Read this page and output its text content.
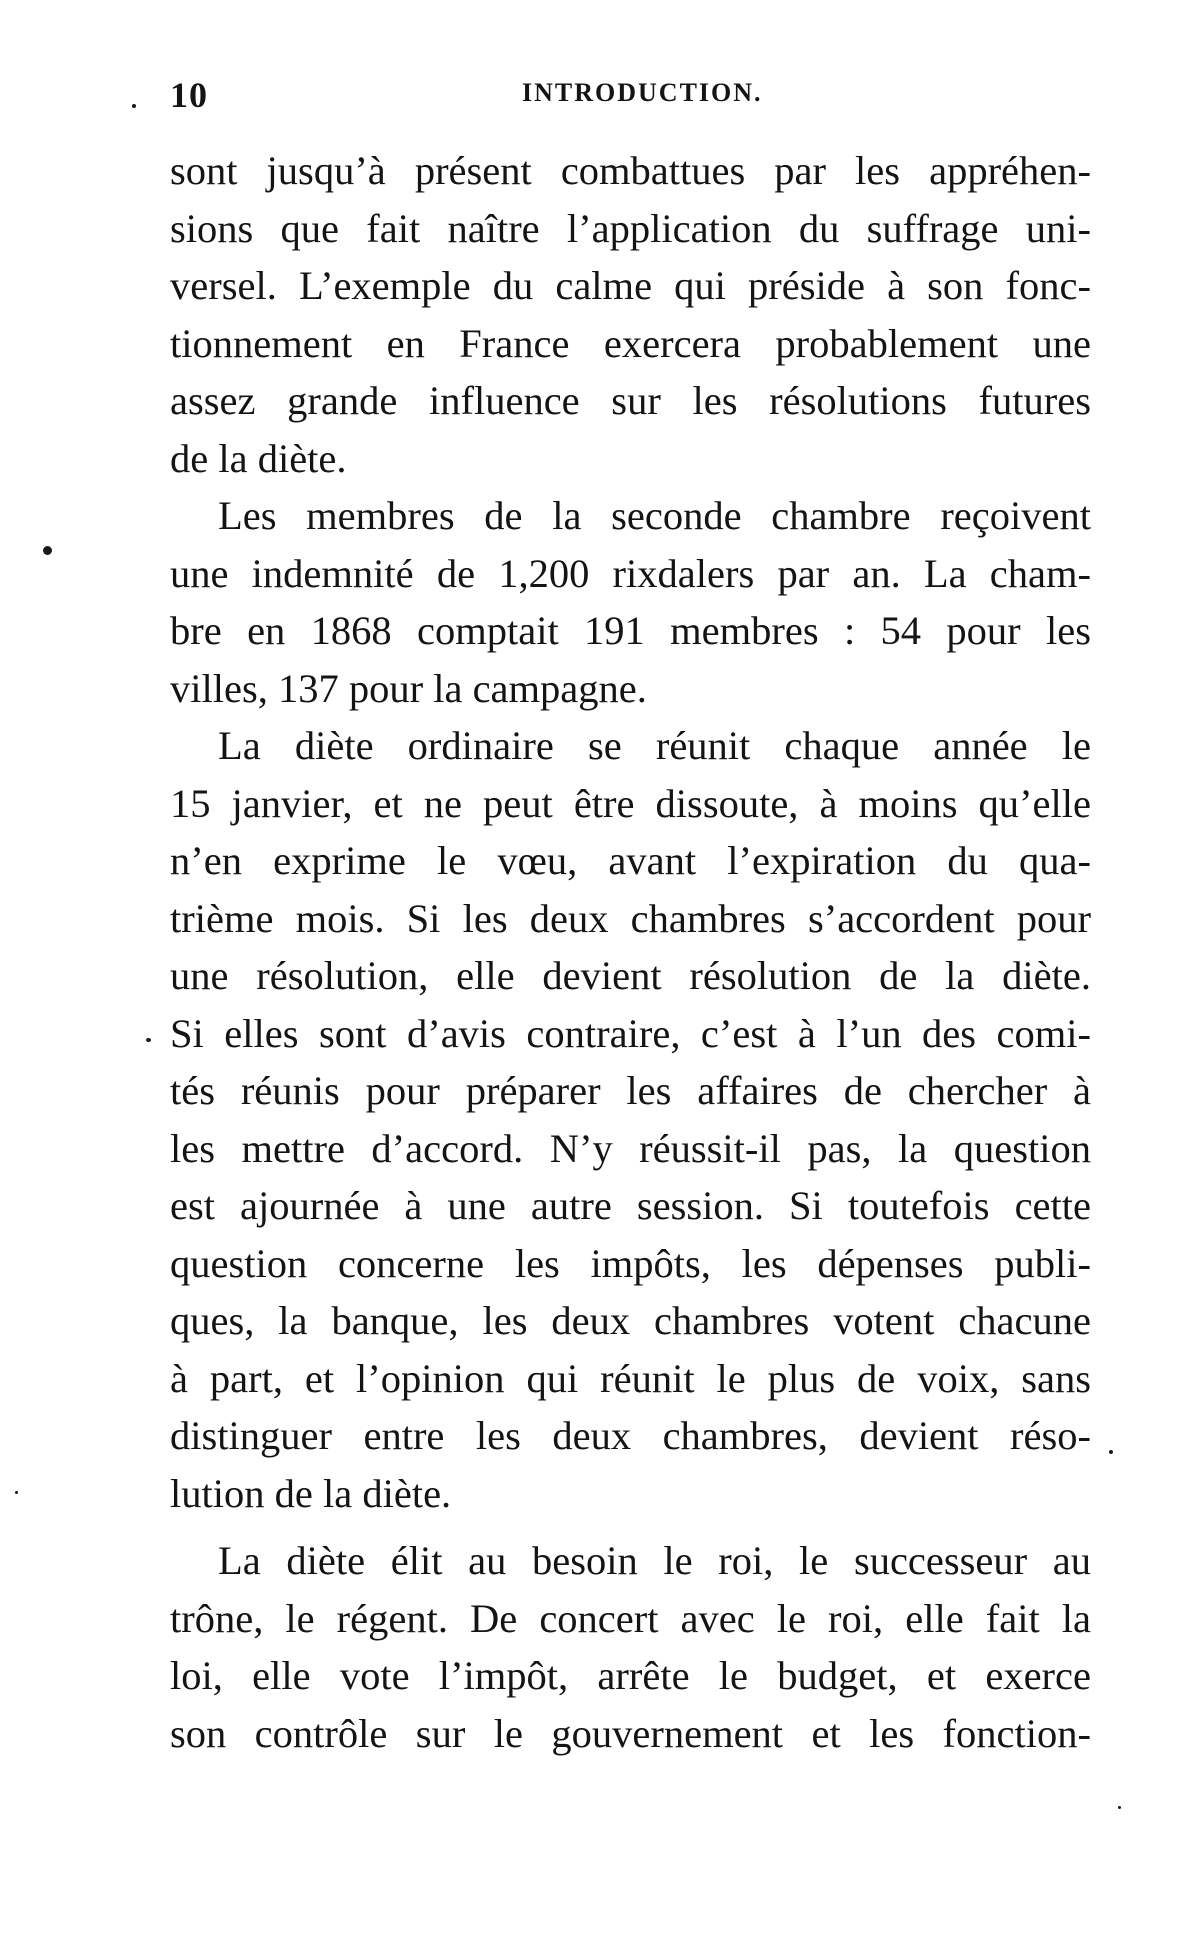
10	INTRODUCTION.
sont jusqu’à présent combattues par les appréhen-
sions que fait naître l’application du suffrage uni-
versel. L’exemple du calme qui préside à son fonc-
tionnement en France exercera probablement une
assez grande influence sur les résolutions futures
de la diète.
Les membres de la seconde chambre reçoivent
une indemnité de 1,200 rixdalers par an. La cham-
bre en 1868 comptait 191 membres : 54 pour les
villes, 137 pour la campagne.
La diète ordinaire se réunit chaque année le
15 janvier, et ne peut être dissoute, à moins qu’elle
n’en exprime le vœu, avant l’expiration du qua-
trième mois. Si les deux chambres s’accordent pour
une résolution, elle devient résolution de la diète.
Si elles sont d’avis contraire, c’est à l’un des comi-
tés réunis pour préparer les affaires de chercher à
les mettre d’accord. N’y réussit-il pas, la question
est ajournée à une autre session. Si toutefois cette
question concerne les impôts, les dépenses publi-
ques, la banque, les deux chambres votent chacune
à part, et l’opinion qui réunit le plus de voix, sans
distinguer entre les deux chambres, devient réso-
lution de la diète.
La diète élit au besoin le roi, le successeur au
trône, le régent. De concert avec le roi, elle fait la
loi, elle vote l’impôt, arrête le budget, et exerce
son contrôle sur le gouvernement et les fonction-
